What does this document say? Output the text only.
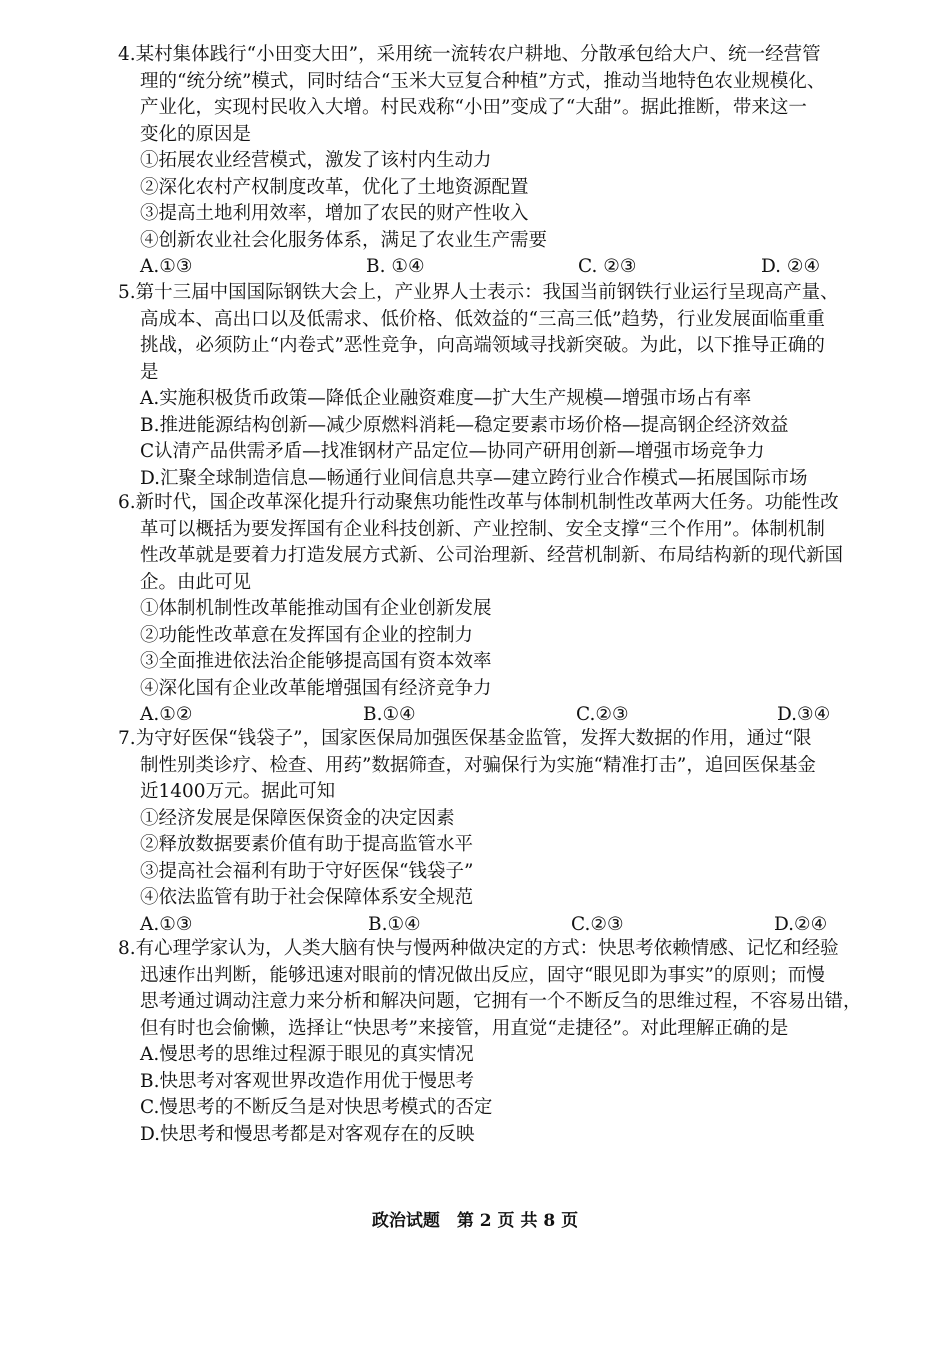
4.某村集体践行“小田变大田”，采用统一流转农户耕地、分散承包给大户、统一经营管
理的“统分统”模式，同时结合“玉米大豆复合种植”方式，推动当地特色农业规模化、
产业化，实现村民收入大增。村民戏称“小田”变成了“大甜”。据此推断，带来这一
变化的原因是
①拓展农业经营模式，激发了该村内生动力
②深化农村产权制度改革，优化了土地资源配置
③提高土地利用效率，增加了农民的财产性收入
④创新农业社会化服务体系，满足了农业生产需要
A.①③	B. ①④	C. ②③	D. ②④
5.第十三届中国国际钢铁大会上，产业界人士表示：我国当前钢铁行业运行呈现高产量、
高成本、高出口以及低需求、低价格、低效益的“三高三低”趋势，行业发展面临重重
挑战，必须防止“内卷式”恶性竞争，向高端领域寻找新突破。为此，以下推导正确的
是
A.实施积极货币政策—降低企业融资难度—扩大生产规模—增强市场占有率
B.推进能源结构创新—减少原燃料消耗—稳定要素市场价格—提高钢企经济效益
C认清产品供需矛盾—找准钢材产品定位—协同产研用创新—增强市场竞争力
D.汇聚全球制造信息—畅通行业间信息共享—建立跨行业合作模式—拓展国际市场
6.新时代，国企改革深化提升行动聚焦功能性改革与体制机制性改革两大任务。功能性改
革可以概括为要发挥国有企业科技创新、产业控制、安全支撑“三个作用”。体制机制
性改革就是要着力打造发展方式新、公司治理新、经营机制新、布局结构新的现代新国
企。由此可见
①体制机制性改革能推动国有企业创新发展
②功能性改革意在发挥国有企业的控制力
③全面推进依法治企能够提高国有资本效率
④深化国有企业改革能增强国有经济竞争力
A.①②	B.①④	C.②③	D.③④
7.为守好医保“钱袋子”，国家医保局加强医保基金监管，发挥大数据的作用，通过“限
制性别类诊疗、检查、用药”数据筛查，对骗保行为实施“精准打击”，追回医保基金
近1400万元。据此可知
①经济发展是保障医保资金的决定因素
②释放数据要素价值有助于提高监管水平
③提高社会福利有助于守好医保“钱袋子”
④依法监管有助于社会保障体系安全规范
A.①③	B.①④	C.②③	D.②④
8.有心理学家认为，人类大脑有快与慢两种做决定的方式：快思考依赖情感、记忆和经验
迅速作出判断，能够迅速对眼前的情况做出反应，固守“眼见即为事实”的原则；而慢
思考通过调动注意力来分析和解决问题，它拥有一个不断反刍的思维过程，不容易出错，
但有时也会偷懒，选择让“快思考”来接管，用直觉“走捷径”。对此理解正确的是
A.慢思考的思维过程源于眼见的真实情况
B.快思考对客观世界改造作用优于慢思考
C.慢思考的不断反刍是对快思考模式的否定
D.快思考和慢思考都是对客观存在的反映
政治试题　第 2 页 共 8 页
